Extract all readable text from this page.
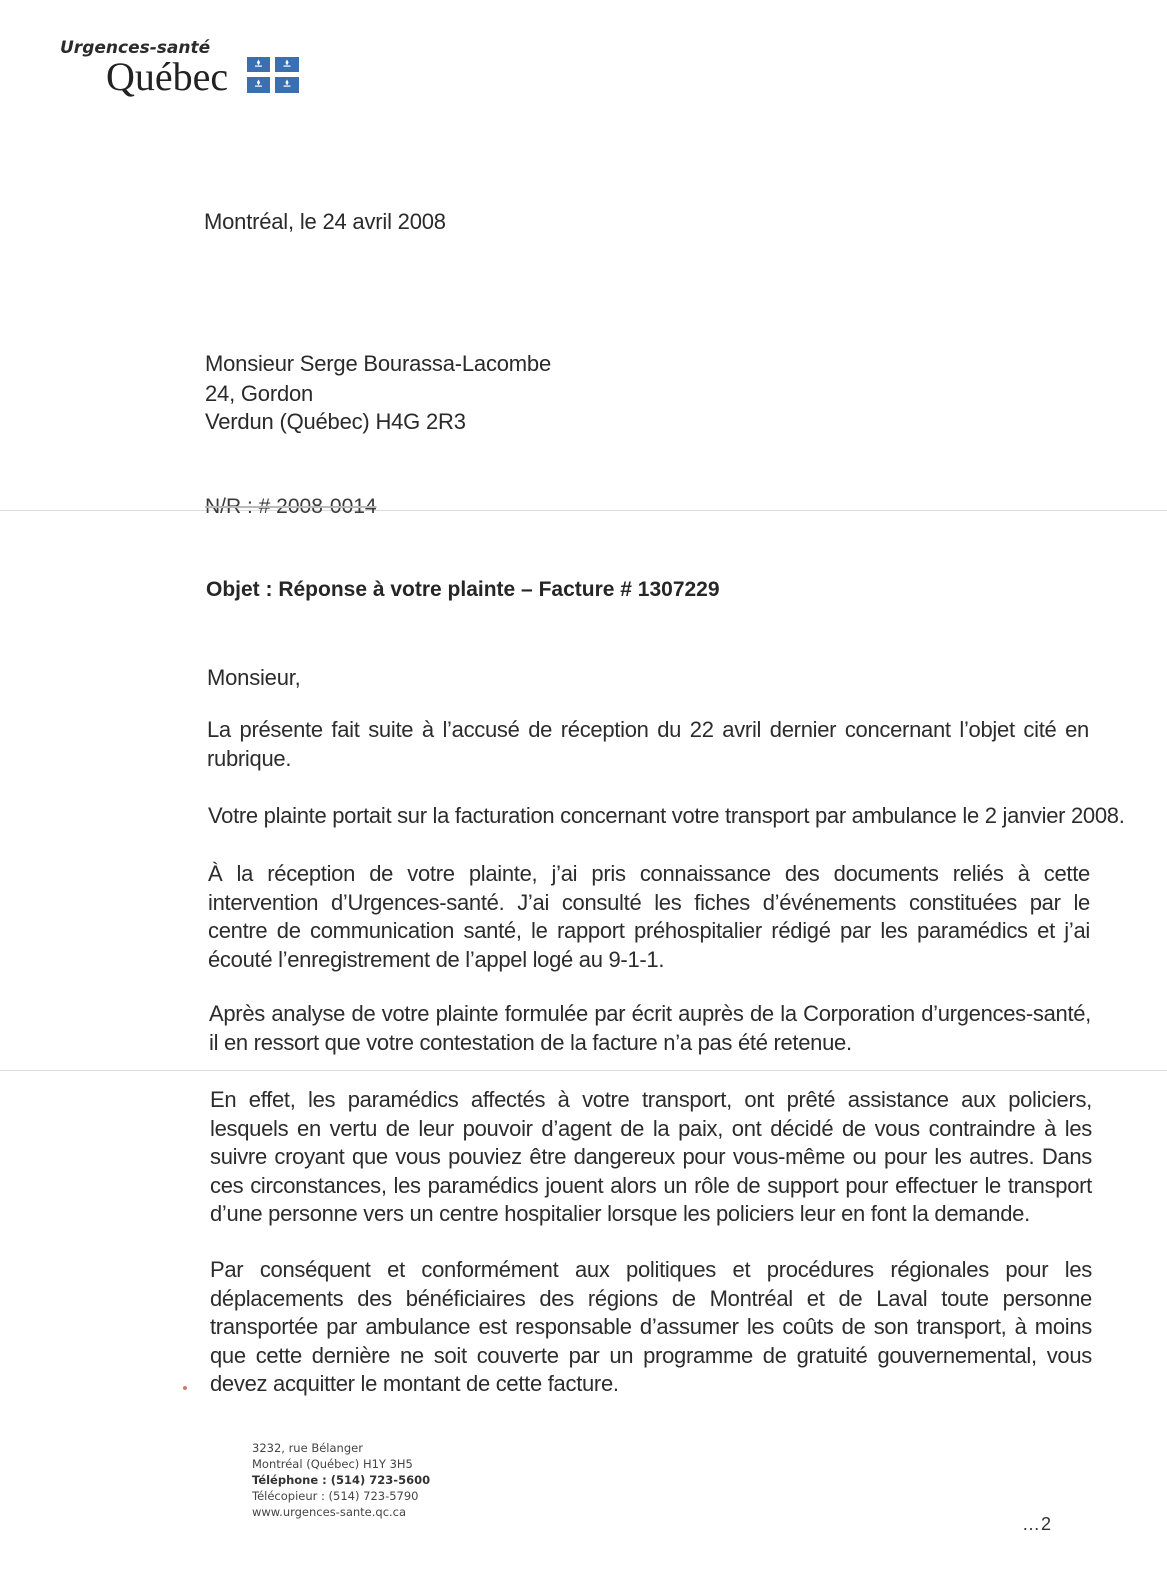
Urgences-santé
Québec
Montréal, le 24 avril 2008
Monsieur Serge Bourassa-Lacombe
24, Gordon
Verdun (Québec) H4G 2R3
N/R : # 2008-0014
Objet : Réponse à votre plainte – Facture # 1307229
Monsieur,
La présente fait suite à l’accusé de réception du 22 avril dernier concernant l’objet cité en rubrique.
Votre plainte portait sur la facturation concernant votre transport par ambulance le 2 janvier 2008.
À la réception de votre plainte, j’ai pris connaissance des documents reliés à cette intervention d’Urgences-santé. J’ai consulté les fiches d’événements constituées par le centre de communication santé, le rapport préhospitalier rédigé par les paramédics et j’ai écouté l’enregistrement de l’appel logé au 9-1-1.
Après analyse de votre plainte formulée par écrit auprès de la Corporation d’urgences-santé, il en ressort que votre contestation de la facture n’a pas été retenue.
En effet, les paramédics affectés à votre transport, ont prêté assistance aux policiers, lesquels en vertu de leur pouvoir d’agent de la paix, ont décidé de vous contraindre à les suivre croyant que vous pouviez être dangereux pour vous-même ou pour les autres. Dans ces circonstances, les paramédics jouent alors un rôle de support pour effectuer le transport d’une personne vers un centre hospitalier lorsque les policiers leur en font la demande.
Par conséquent et conformément aux politiques et procédures régionales pour les déplacements des bénéficiaires des régions de Montréal et de Laval toute personne transportée par ambulance est responsable d’assumer les coûts de son transport, à moins que cette dernière ne soit couverte par un programme de gratuité gouvernemental, vous devez acquitter le montant de cette facture.
3232, rue Bélanger
Montréal (Québec) H1Y 3H5
Téléphone : (514) 723-5600
Télécopieur : (514) 723-5790
www.urgences-sante.qc.ca
…2
